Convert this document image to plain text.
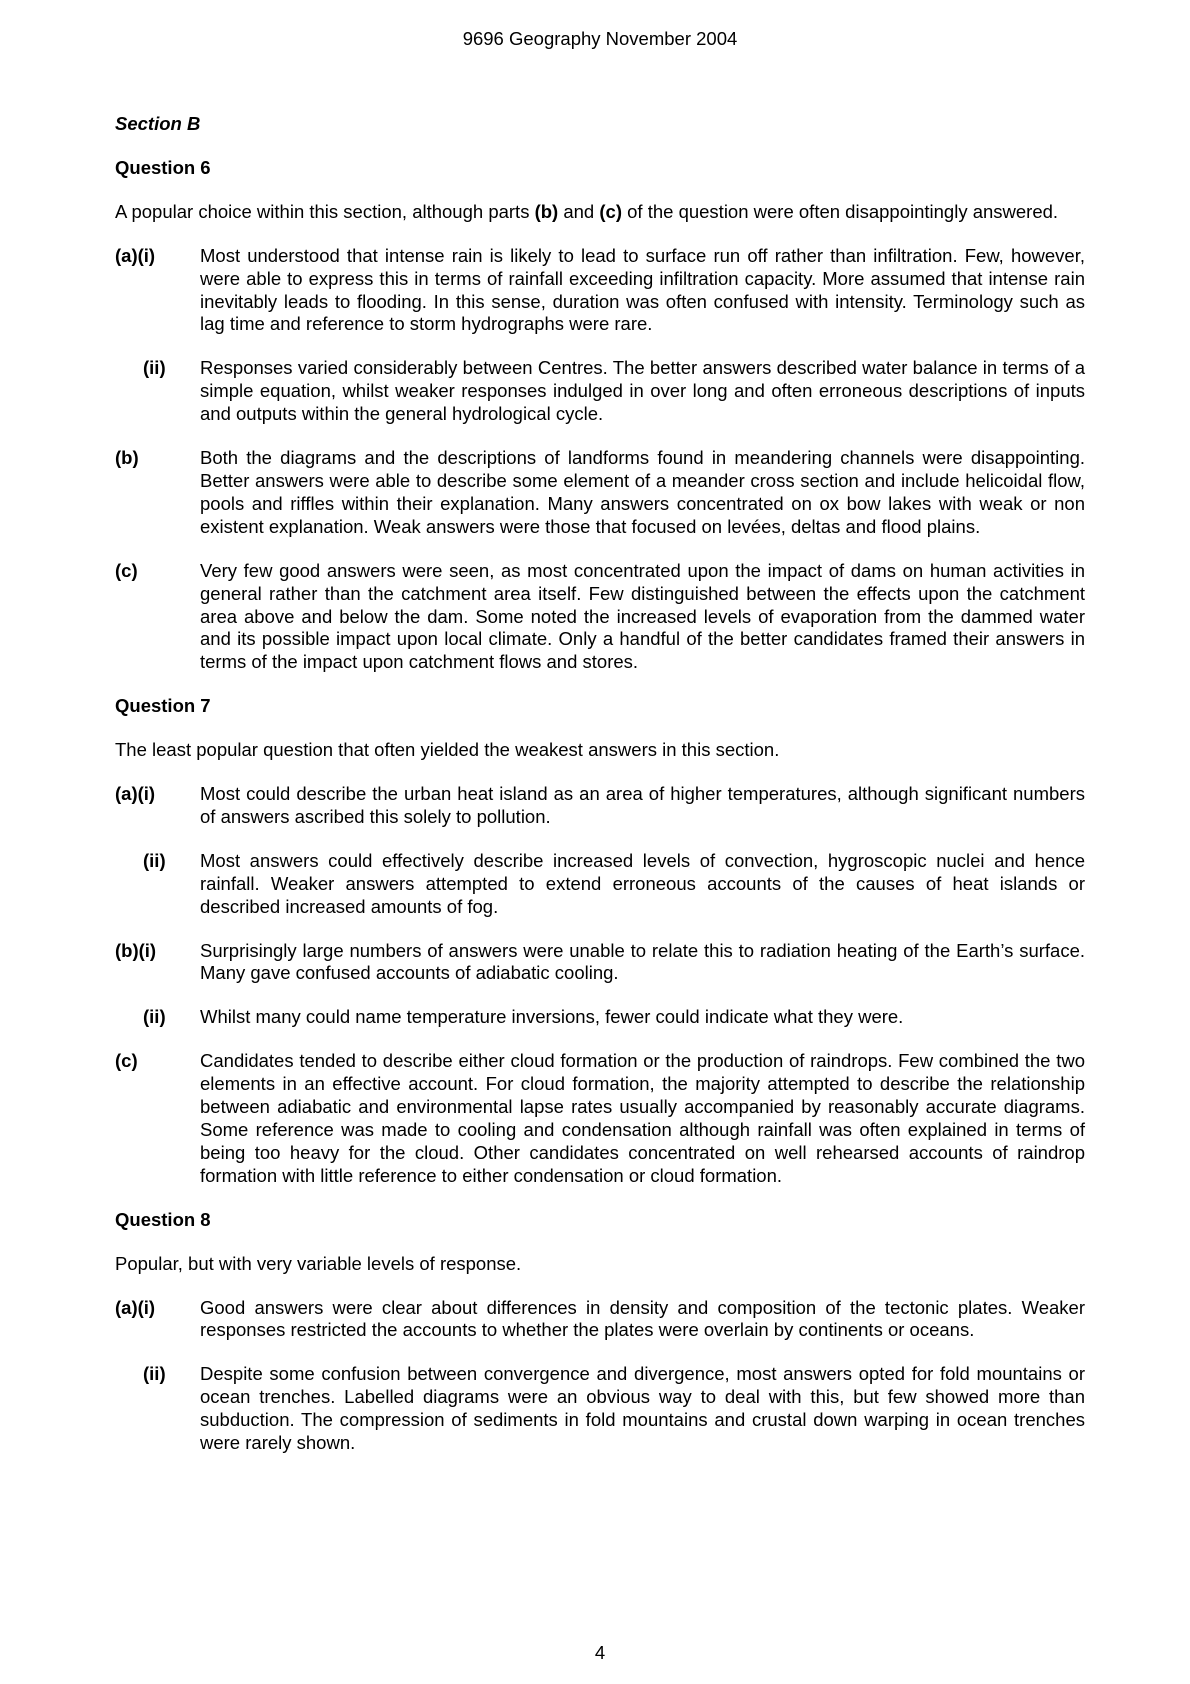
9696 Geography November 2004
Section B
Question 6
A popular choice within this section, although parts (b) and (c) of the question were often disappointingly answered.
(a)(i)	Most understood that intense rain is likely to lead to surface run off rather than infiltration. Few, however, were able to express this in terms of rainfall exceeding infiltration capacity. More assumed that intense rain inevitably leads to flooding. In this sense, duration was often confused with intensity. Terminology such as lag time and reference to storm hydrographs were rare.
(ii)	Responses varied considerably between Centres. The better answers described water balance in terms of a simple equation, whilst weaker responses indulged in over long and often erroneous descriptions of inputs and outputs within the general hydrological cycle.
(b)	Both the diagrams and the descriptions of landforms found in meandering channels were disappointing. Better answers were able to describe some element of a meander cross section and include helicoidal flow, pools and riffles within their explanation. Many answers concentrated on ox bow lakes with weak or non existent explanation. Weak answers were those that focused on levées, deltas and flood plains.
(c)	Very few good answers were seen, as most concentrated upon the impact of dams on human activities in general rather than the catchment area itself. Few distinguished between the effects upon the catchment area above and below the dam. Some noted the increased levels of evaporation from the dammed water and its possible impact upon local climate. Only a handful of the better candidates framed their answers in terms of the impact upon catchment flows and stores.
Question 7
The least popular question that often yielded the weakest answers in this section.
(a)(i)	Most could describe the urban heat island as an area of higher temperatures, although significant numbers of answers ascribed this solely to pollution.
(ii)	Most answers could effectively describe increased levels of convection, hygroscopic nuclei and hence rainfall. Weaker answers attempted to extend erroneous accounts of the causes of heat islands or described increased amounts of fog.
(b)(i)	Surprisingly large numbers of answers were unable to relate this to radiation heating of the Earth’s surface. Many gave confused accounts of adiabatic cooling.
(ii)	Whilst many could name temperature inversions, fewer could indicate what they were.
(c)	Candidates tended to describe either cloud formation or the production of raindrops. Few combined the two elements in an effective account. For cloud formation, the majority attempted to describe the relationship between adiabatic and environmental lapse rates usually accompanied by reasonably accurate diagrams. Some reference was made to cooling and condensation although rainfall was often explained in terms of being too heavy for the cloud. Other candidates concentrated on well rehearsed accounts of raindrop formation with little reference to either condensation or cloud formation.
Question 8
Popular, but with very variable levels of response.
(a)(i)	Good answers were clear about differences in density and composition of the tectonic plates. Weaker responses restricted the accounts to whether the plates were overlain by continents or oceans.
(ii)	Despite some confusion between convergence and divergence, most answers opted for fold mountains or ocean trenches. Labelled diagrams were an obvious way to deal with this, but few showed more than subduction. The compression of sediments in fold mountains and crustal down warping in ocean trenches were rarely shown.
4
